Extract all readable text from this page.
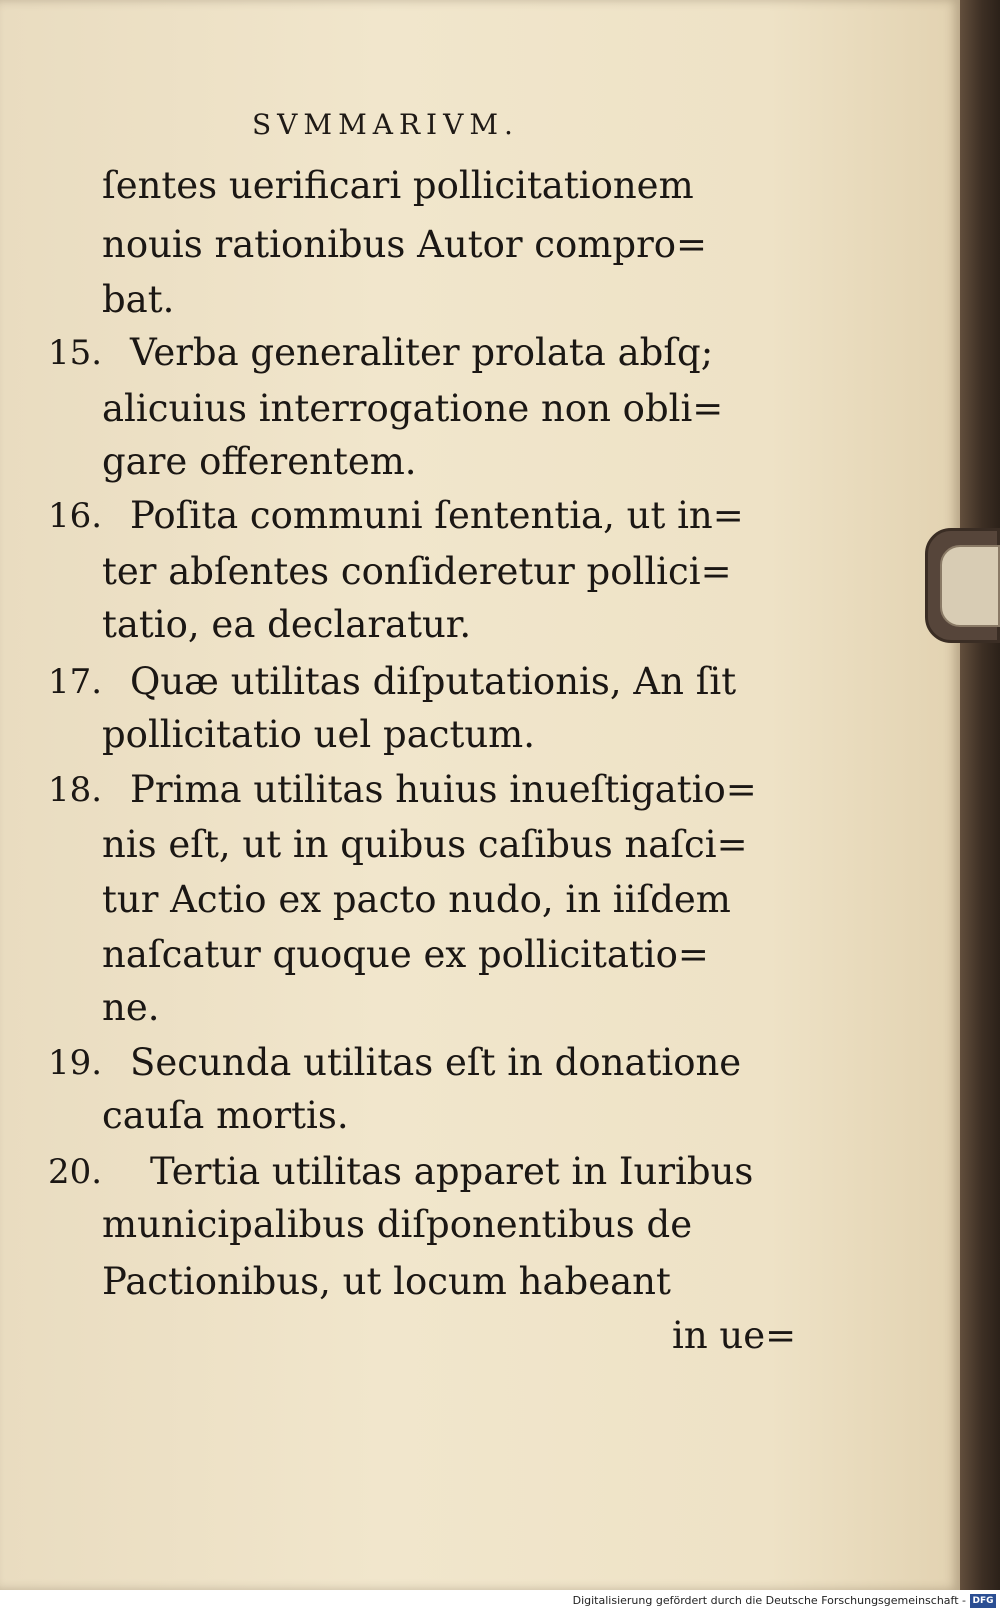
SVMMARIVM.
ſentes uerificari pollicitationem
nouis rationibus Autor compro=
bat.
15. Verba generaliter prolata abſq;
alicuius interrogatione non obli=
gare offerentem.
16. Poſita communi ſententia, ut in=
ter abſentes conſideretur pollici=
tatio, ea declaratur.
17. Quæ utilitas diſputationis, An ſit
pollicitatio uel pactum.
18. Prima utilitas huius inueſtigatio=
nis eſt, ut in quibus caſibus naſci=
tur Actio ex pacto nudo, in iiſdem
naſcatur quoque ex pollicitatio=
ne.
19. Secunda utilitas eſt in donatione
cauſa mortis.
20. Tertia utilitas apparet in Iuribus
municipalibus diſponentibus de
Pactionibus, ut locum habeant
in ue=
Digitalisierung gefördert durch die Deutsche Forschungsgemeinschaft - DFG
